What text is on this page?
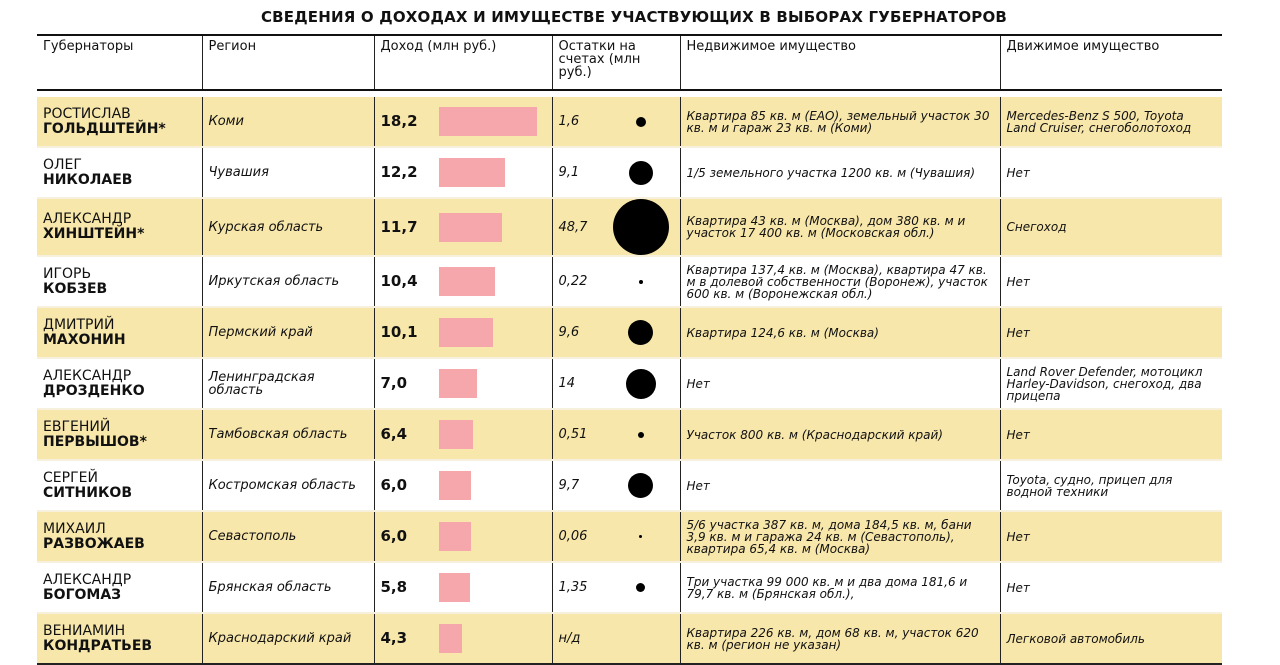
СВЕДЕНИЯ О ДОХОДАХ И ИМУЩЕСТВЕ УЧАСТВУЮЩИХ В ВЫБОРАХ ГУБЕРНАТОРОВ
Губернаторы	Регион	Доход (млн руб.)	Остатки на счетах (млн руб.)	Недвижимое имущество	Движимое имущество

РОСТИСЛАВ
ГОЛЬДШТЕЙН*	Коми	18,2	1,6	Квартира 85 кв. м (ЕАО), земельный участок 30 кв. м и гараж 23 кв. м (Коми)	Mercedes-Benz S 500, Toyota Land Cruiser, снегоболотоход

ОЛЕГ
НИКОЛАЕВ	Чувашия	12,2	9,1	1/5 земельного участка 1200 кв. м (Чувашия)	Нет

АЛЕКСАНДР
ХИНШТЕЙН*	Курская область	11,7	48,7	Квартира 43 кв. м (Москва), дом 380 кв. м и участок 17 400 кв. м (Московская обл.)	Снегоход

ИГОРЬ
КОБЗЕВ	Иркутская область	10,4	0,22	Квартира 137,4 кв. м (Москва), квартира 47 кв. м в долевой собственности (Воронеж), участок 600 кв. м (Воронежская обл.)	Нет

ДМИТРИЙ
МАХОНИН	Пермский край	10,1	9,6	Квартира 124,6 кв. м (Москва)	Нет

АЛЕКСАНДР
ДРОЗДЕНКО	Ленинградская область	7,0	14	Нет	Land Rover Defender, мотоцикл Harley-Davidson, снегоход, два прицепа

ЕВГЕНИЙ
ПЕРВЫШОВ*	Тамбовская область	6,4	0,51	Участок 800 кв. м (Краснодарский край)	Нет

СЕРГЕЙ
СИТНИКОВ	Костромская область	6,0	9,7	Нет	Toyota, судно, прицеп для водной техники

МИХАИЛ
РАЗВОЖАЕВ	Севастополь	6,0	0,06	5/6 участка 387 кв. м, дома 184,5 кв. м, бани 3,9 кв. м и гаража 24 кв. м (Севастополь), квартира 65,4 кв. м (Москва)	Нет

АЛЕКСАНДР
БОГОМАЗ	Брянская область	5,8	1,35	Три участка 99 000 кв. м и два дома 181,6 и 79,7 кв. м (Брянская обл.),	Нет

ВЕНИАМИН
КОНДРАТЬЕВ	Краснодарский край	4,3	н/д	Квартира 226 кв. м, дом 68 кв. м, участок 620 кв. м (регион не указан)	Легковой автомобиль
